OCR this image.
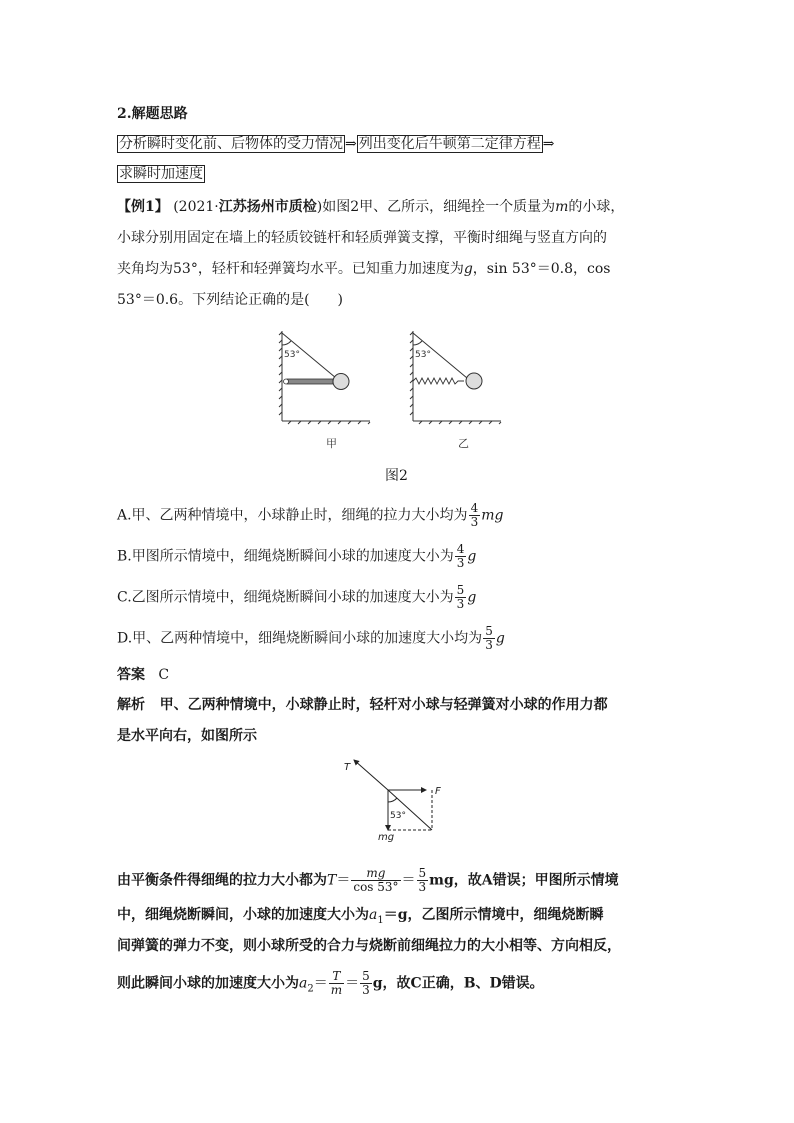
2.解题思路
分析瞬时变化前、后物体的受力情况 ⇒ 列出变化后牛顿第二定律方程 ⇒
求瞬时加速度
【例1】 (2021·江苏扬州市质检)如图2甲、乙所示，细绳拴一个质量为m的小球，
小球分别用固定在墙上的轻质铰链杆和轻质弹簧支撑，平衡时细绳与竖直方向的
夹角均为53°，轻杆和轻弹簧均水平。已知重力加速度为g，sin 53°＝0.8，cos
53°＝0.6。下列结论正确的是(　　)
53°
甲
53°
乙
图2
A.甲、乙两种情境中，小球静止时，细绳的拉力大小均为 $\frac{4}{3}$ mg
B.甲图所示情境中，细绳烧断瞬间小球的加速度大小为 $\frac{4}{3}$ g
C.乙图所示情境中，细绳烧断瞬间小球的加速度大小为 $\frac{5}{3}$ g
D.甲、乙两种情境中，细绳烧断瞬间小球的加速度大小均为 $\frac{5}{3}$ g
答案 C
解析 甲、乙两种情境中，小球静止时，轻杆对小球与轻弹簧对小球的作用力都
是水平向右，如图所示
T
F
mg
53°
由平衡条件得细绳的拉力大小都为$T= \frac{mg}{\cos 53^\circ} = \frac{5}{3}$ mg，故A错误；甲图所示情境
中，细绳烧断瞬间，小球的加速度大小为$a_1=g$，乙图所示情境中，细绳烧断瞬
间弹簧的弹力不变，则小球所受的合力与烧断前细绳拉力的大小相等、方向相反，
则此瞬间小球的加速度大小为$a_2= \frac{T}{m} = \frac{5}{3}$ g，故C正确，B、D错误。
